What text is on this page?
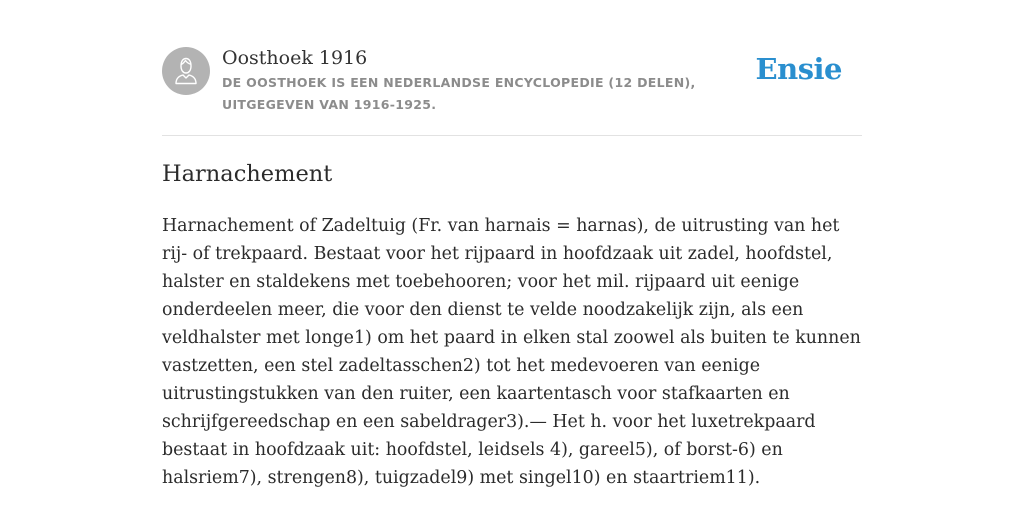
Oosthoek 1916
DE OOSTHOEK IS EEN NEDERLANDSE ENCYCLOPEDIE (12 DELEN), UITGEGEVEN VAN 1916-1925.
Ensie
Harnachement

Harnachement of Zadeltuig (Fr. van harnais = harnas), de uitrusting van het rij- of trekpaard. Bestaat voor het rijpaard in hoofdzaak uit zadel, hoofdstel, halster en staldekens met toebehooren; voor het mil. rijpaard uit eenige onderdeelen meer, die voor den dienst te velde noodzakelijk zijn, als een veldhalster met longe1) om het paard in elken stal zoowel als buiten te kunnen vastzetten, een stel zadeltasschen2) tot het medevoeren van eenige uitrustingstukken van den ruiter, een kaartentasch voor stafkaarten en schrijfgereedschap en een sabeldrager3).— Het h. voor het luxetrekpaard bestaat in hoofdzaak uit: hoofdstel, leidsels 4), gareel5), of borst-6) en halsriem7), strengen8), tuigzadel9) met singel10) en staartriem11).
